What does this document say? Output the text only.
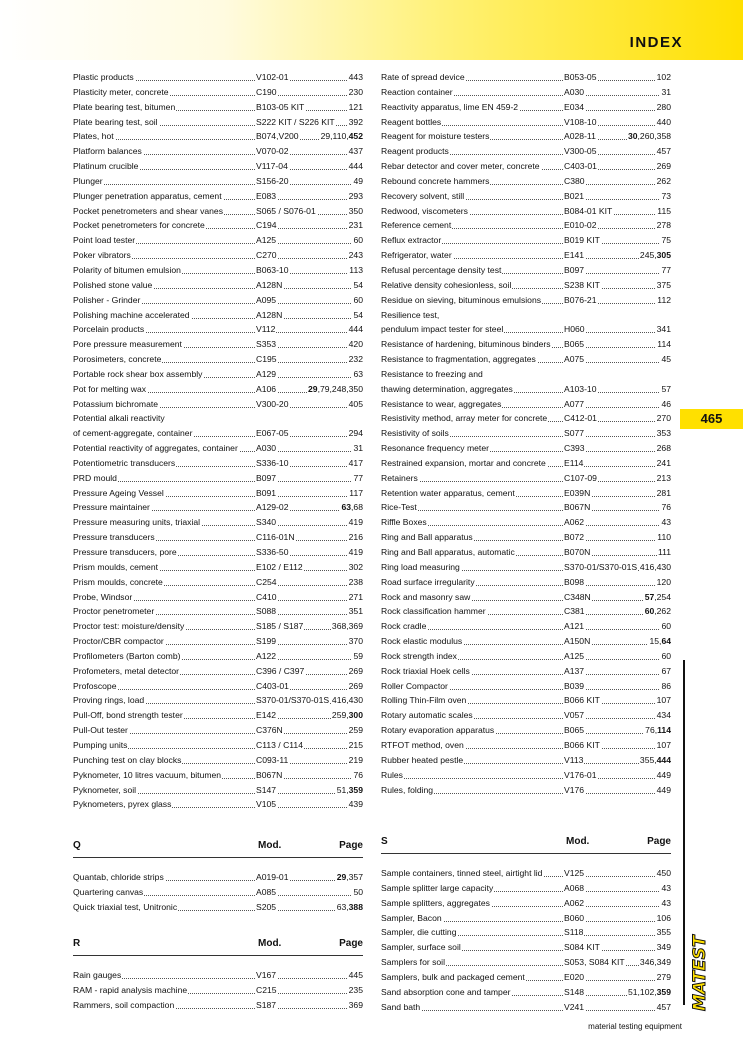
INDEX
465
Plastic products	V102-01	443
Plasticity meter, concrete	C190	230
Plate bearing test, bitumen	B103-05 KIT	121
Plate bearing test, soil	S222 KIT / S226 KIT 392
Plates, hot	B074,V200	29,110,452
Platform balances	V070-02	437
Platinum crucible	V117-04	444
Plunger	S156-20	49
Plunger penetration apparatus, cement	E083	293
Pocket penetrometers and shear vanes	S065 / S076-01	350
Pocket penetrometers for concrete	C194	231
Point load tester	A125	60
Poker vibrators	C270	243
Polarity of bitumen emulsion	B063-10	113
Polished stone value	A128N	54
Polisher - Grinder	A095	60
Polishing machine accelerated	A128N	54
Porcelain products	V112	444
Pore pressure measurement	S353	420
Porosimeters, concrete	C195	232
Portable rock shear box assembly	A129	63
Pot for melting wax	A106	29,79,248,350
Potassium bichromate	V300-20	405
Potential alkali reactivity
of cement-aggregate, container	E067-05	294
Potential reactivity of aggregates, container A030	31
Potentiometric transducers	S336-10	417
PRD mould	B097	77
Pressure Ageing Vessel	B091	117
Pressure maintainer	A129-02	63,68
Pressure measuring units, triaxial	S340	419
Pressure transducers	C116-01N	216
Pressure transducers, pore	S336-50	419
Prism moulds, cement	E102 / E112	302
Prism moulds, concrete	C254	238
Probe, Windsor	C410	271
Proctor penetrometer	S088	351
Proctor test: moisture/density	S185 / S187	368,369
Proctor/CBR compactor	S199	370
Profilometers (Barton comb)	A122	59
Profometers, metal detector	C396 / C397	269
Profoscope	C403-01	269
Proving rings, load	S370-01/S370-01S 416,430
Pull-Off, bond strength tester	E142	259,300
Pull-Out tester	C376N	259
Pumping units	C113 / C114	215
Punching test on clay blocks	C093-11	219
Pyknometer, 10 litres vacuum, bitumen	B067N	76
Pyknometer, soil	S147	51,359
Pyknometers, pyrex glass	V105	439
Rate of spread device	B053-05	102
Reaction container	A030	31
Reactivity apparatus, lime EN 459-2	E034	280
Reagent bottles	V108-10	440
Reagent for moisture testers	A028-11	30,260,358
Reagent products	V300-05	457
Rebar detector and cover meter, concrete	C403-01	269
Rebound concrete hammers	C380	262
Recovery solvent, still	B021	73
Redwood, viscometers	B084-01 KIT	115
Reference cement	E010-02	278
Reflux extractor	B019 KIT	75
Refrigerator, water	E141	245,305
Refusal percentage density test	B097	77
Relative density cohesionless, soil	S238 KIT	375
Residue on sieving, bituminous emulsions	B076-21	112
Resilience test,
pendulum impact tester for steel	H060	341
Resistance of hardening, bituminous binders B065	114
Resistance to fragmentation, aggregates	A075	45
Resistance to freezing and
thawing determination, aggregates	A103-10	57
Resistance to wear, aggregates	A077	46
Resistivity method, array meter for concrete C412-01	270
Resistivity of soils	S077	353
Resonance frequency meter	C393	268
Restrained expansion, mortar and concrete E114	241
Retainers	C107-09	213
Retention water apparatus, cement	E039N	281
Rice-Test	B067N	76
Riffle Boxes	A062	43
Ring and Ball apparatus	B072	110
Ring and Ball apparatus, automatic	B070N	111
Ring load measuring	S370-01/S370-01S 416,430
Road surface irregularity	B098	120
Rock and masonry saw	C348N	57,254
Rock classification hammer	C381	60,262
Rock cradle	A121	60
Rock elastic modulus	A150N	15,64
Rock strength index	A125	60
Rock triaxial Hoek cells	A137	67
Roller Compactor	B039	86
Rolling Thin-Film oven	B066 KIT	107
Rotary automatic scales	V057	434
Rotary evaporation apparatus	B065	76,114
RTFOT method, oven	B066 KIT	107
Rubber heated pestle	V113	355,444
Rules	V176-01	449
Rules, folding	V176	449
Q	Mod.	Page
Quantab, chloride strips	A019-01	29,357
Quartering canvas	A085	50
Quick triaxial test, Unitronic	S205	63,388
R	Mod.	Page
Rain gauges	V167	445
RAM - rapid analysis machine	C215	235
Rammers, soil compaction	S187	369
S	Mod.	Page
Sample containers, tinned steel, airtight lid	V125	450
Sample splitter large capacity	A068	43
Sample splitters, aggregates	A062	43
Sampler, Bacon	B060	106
Sampler, die cutting	S118	355
Sampler, surface soil	S084 KIT	349
Samplers for soil	S053, S084 KIT 346,349
Samplers, bulk and packaged cement	E020	279
Sand absorption cone and tamper	S148	51,102,359
Sand bath	V241	457 MATEST
material testing equipment
